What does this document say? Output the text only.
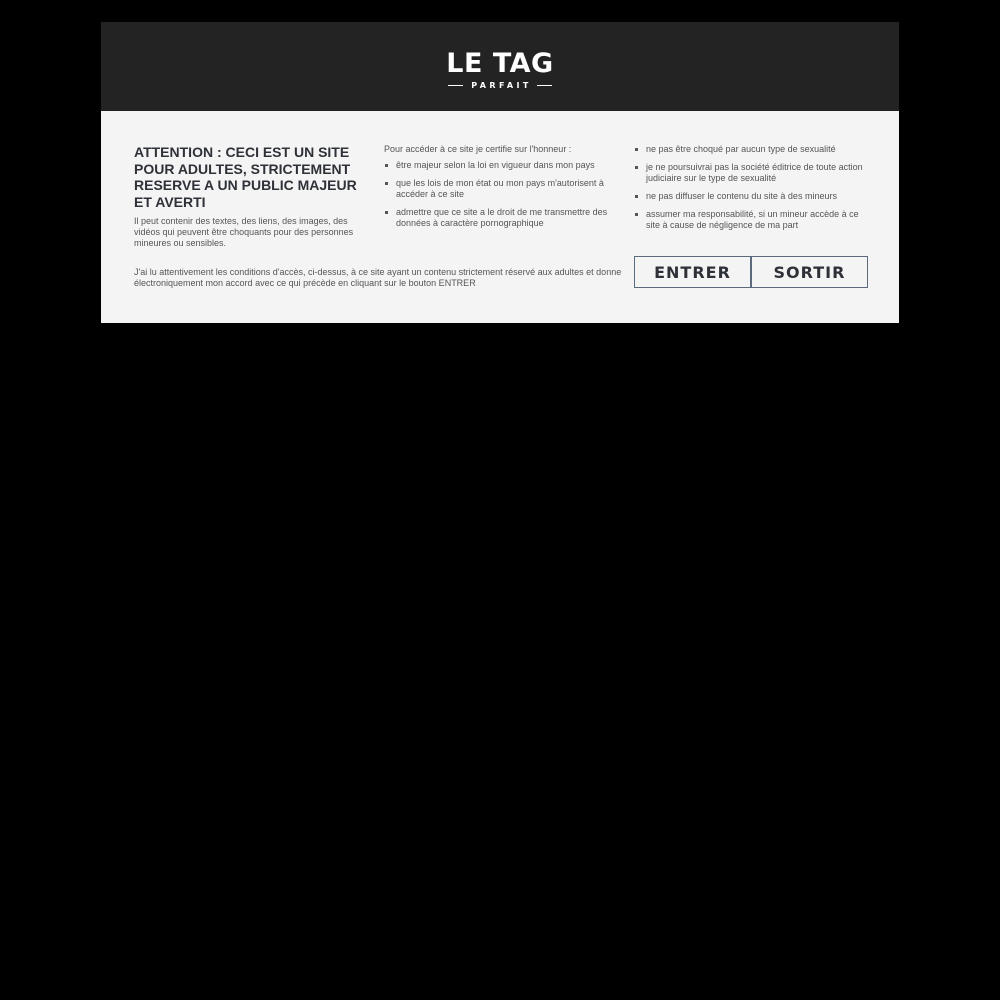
LE TAG
PARFAIT
ATTENTION : CECI EST UN SITE POUR ADULTES, STRICTEMENT RESERVE A UN PUBLIC MAJEUR ET AVERTI

Il peut contenir des textes, des liens, des images, des vidéos qui peuvent être choquants pour des personnes mineures ou sensibles.

Pour accéder à ce site je certifie sur l'honneur :

être majeur selon la loi en vigueur dans mon pays
que les lois de mon état ou mon pays m'autorisent à accéder à ce site
admettre que ce site a le droit de me transmettre des données à caractère pornographique
ne pas être choqué par aucun type de sexualité
je ne poursuivrai pas la société éditrice de toute action judiciaire sur le type de sexualité
ne pas diffuser le contenu du site à des mineurs
assumer ma responsabilité, si un mineur accède à ce site à cause de négligence de ma part

J'ai lu attentivement les conditions d'accès, ci-dessus, à ce site ayant un contenu strictement réservé aux adultes et donne électroniquement mon accord avec ce qui précède en cliquant sur le bouton ENTRER

ENTRER	SORTIR
